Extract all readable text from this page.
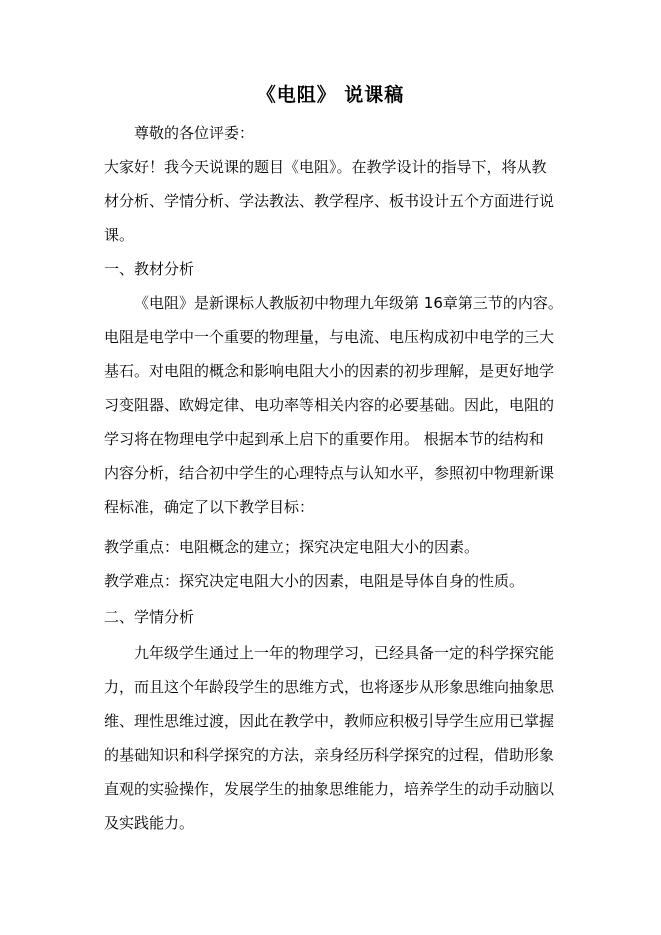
《电阻》 说课稿
尊敬的各位评委：
大家好！我今天说课的题目《电阻》。在教学设计的指导下，将从教
材分析、学情分析、学法教法、教学程序、板书设计五个方面进行说
课。
一、教材分析
《电阻》是新课标人教版初中物理九年级第 16章第三节的内容。
电阻是电学中一个重要的物理量，与电流、电压构成初中电学的三大
基石。对电阻的概念和影响电阻大小的因素的初步理解，是更好地学
习变阻器、欧姆定律、电功率等相关内容的必要基础。因此，电阻的
学习将在物理电学中起到承上启下的重要作用。 根据本节的结构和
内容分析，结合初中学生的心理特点与认知水平，参照初中物理新课
程标准，确定了以下教学目标：
教学重点：电阻概念的建立；探究决定电阻大小的因素。
教学难点：探究决定电阻大小的因素，电阻是导体自身的性质。
二、学情分析
九年级学生通过上一年的物理学习，已经具备一定的科学探究能
力，而且这个年龄段学生的思维方式，也将逐步从形象思维向抽象思
维、理性思维过渡，因此在教学中，教师应积极引导学生应用已掌握
的基础知识和科学探究的方法，亲身经历科学探究的过程，借助形象
直观的实验操作，发展学生的抽象思维能力，培养学生的动手动脑以
及实践能力。
